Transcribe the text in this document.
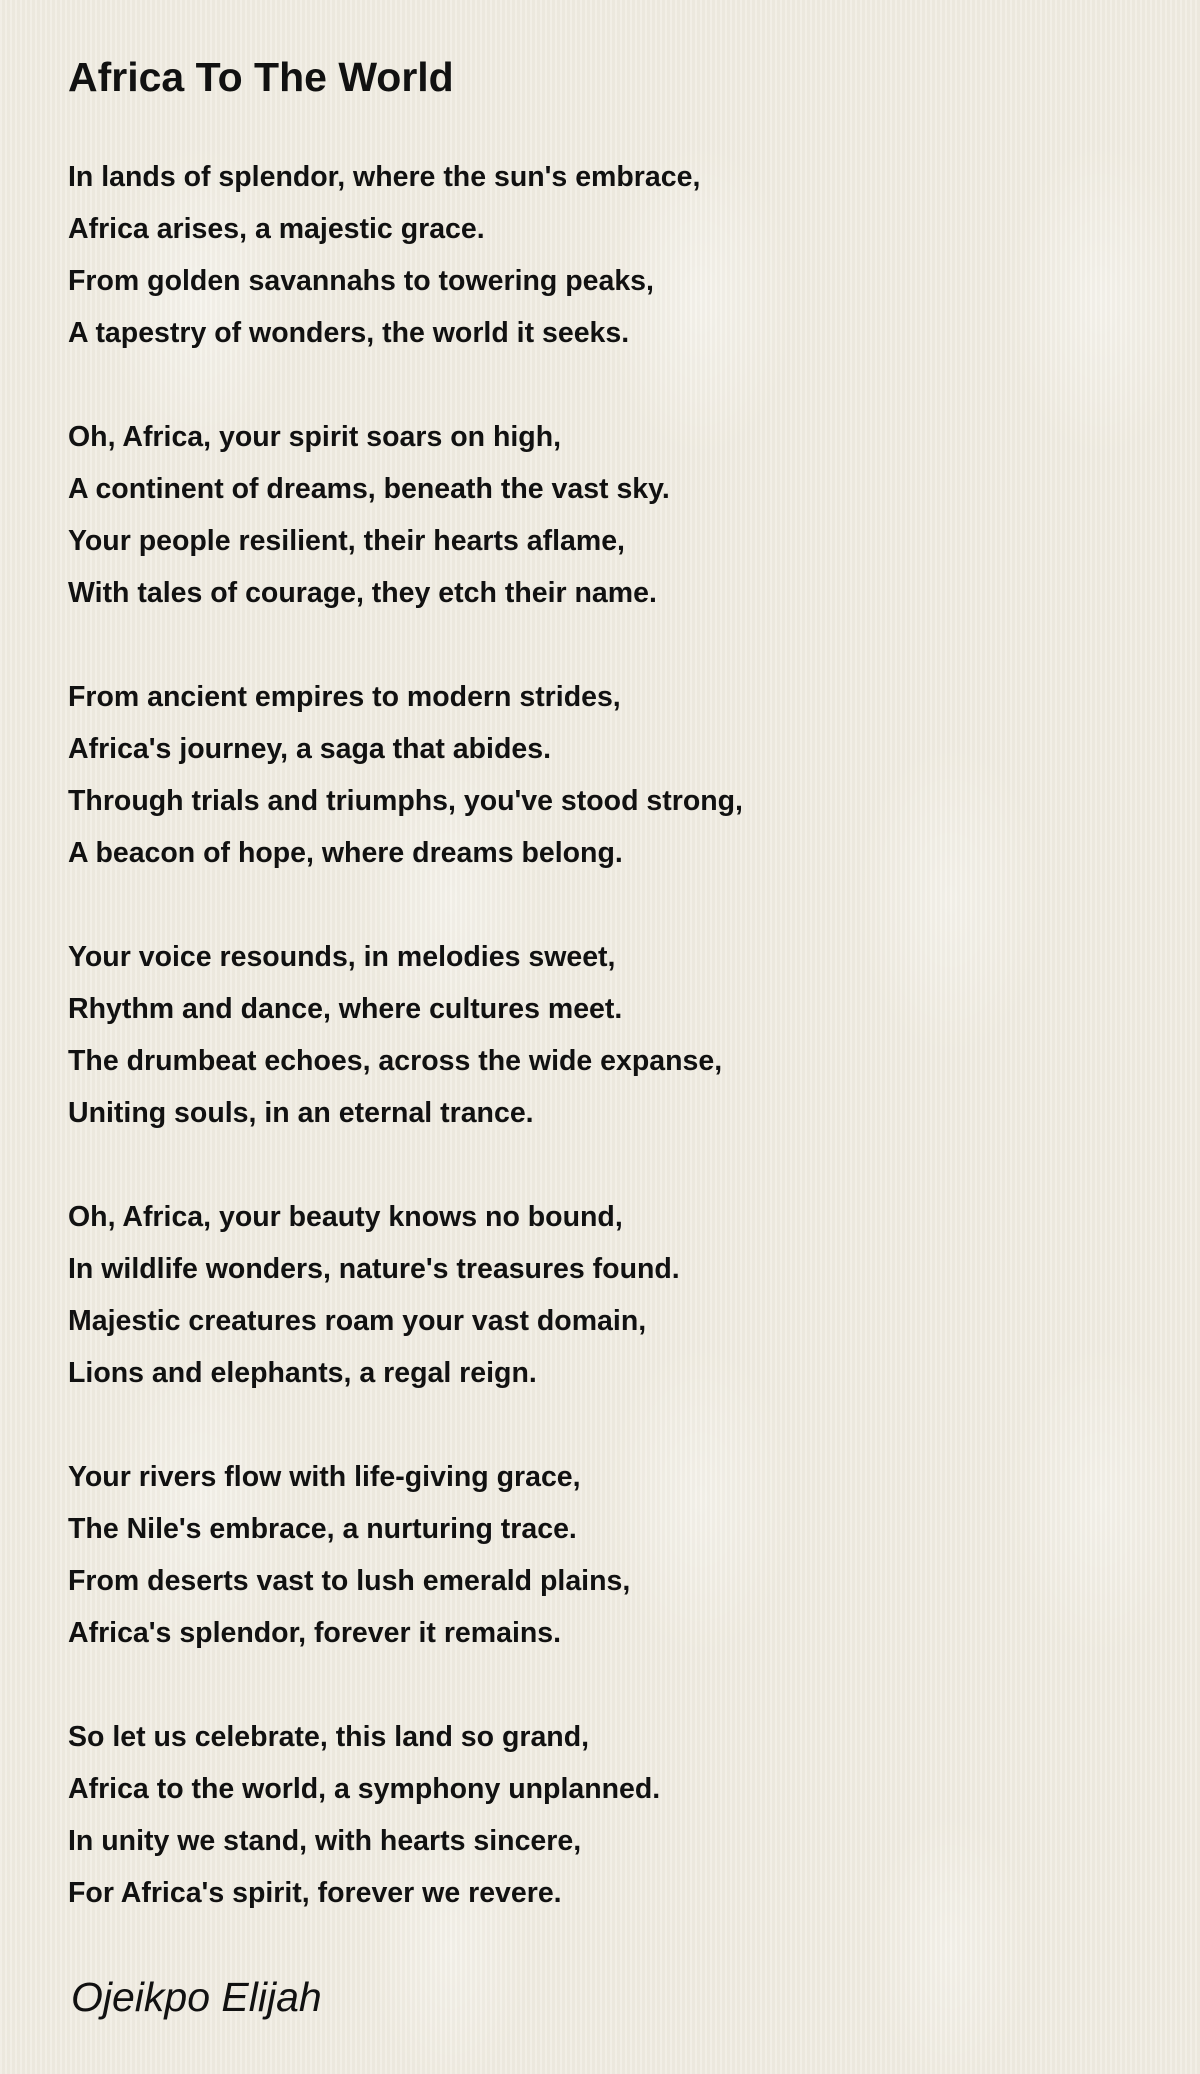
Africa To The World
In lands of splendor, where the sun's embrace,
Africa arises, a majestic grace.
From golden savannahs to towering peaks,
A tapestry of wonders, the world it seeks.
Oh, Africa, your spirit soars on high,
A continent of dreams, beneath the vast sky.
Your people resilient, their hearts aflame,
With tales of courage, they etch their name.
From ancient empires to modern strides,
Africa's journey, a saga that abides.
Through trials and triumphs, you've stood strong,
A beacon of hope, where dreams belong.
Your voice resounds, in melodies sweet,
Rhythm and dance, where cultures meet.
The drumbeat echoes, across the wide expanse,
Uniting souls, in an eternal trance.
Oh, Africa, your beauty knows no bound,
In wildlife wonders, nature's treasures found.
Majestic creatures roam your vast domain,
Lions and elephants, a regal reign.
Your rivers flow with life-giving grace,
The Nile's embrace, a nurturing trace.
From deserts vast to lush emerald plains,
Africa's splendor, forever it remains.
So let us celebrate, this land so grand,
Africa to the world, a symphony unplanned.
In unity we stand, with hearts sincere,
For Africa's spirit, forever we revere.

Ojeikpo Elijah
